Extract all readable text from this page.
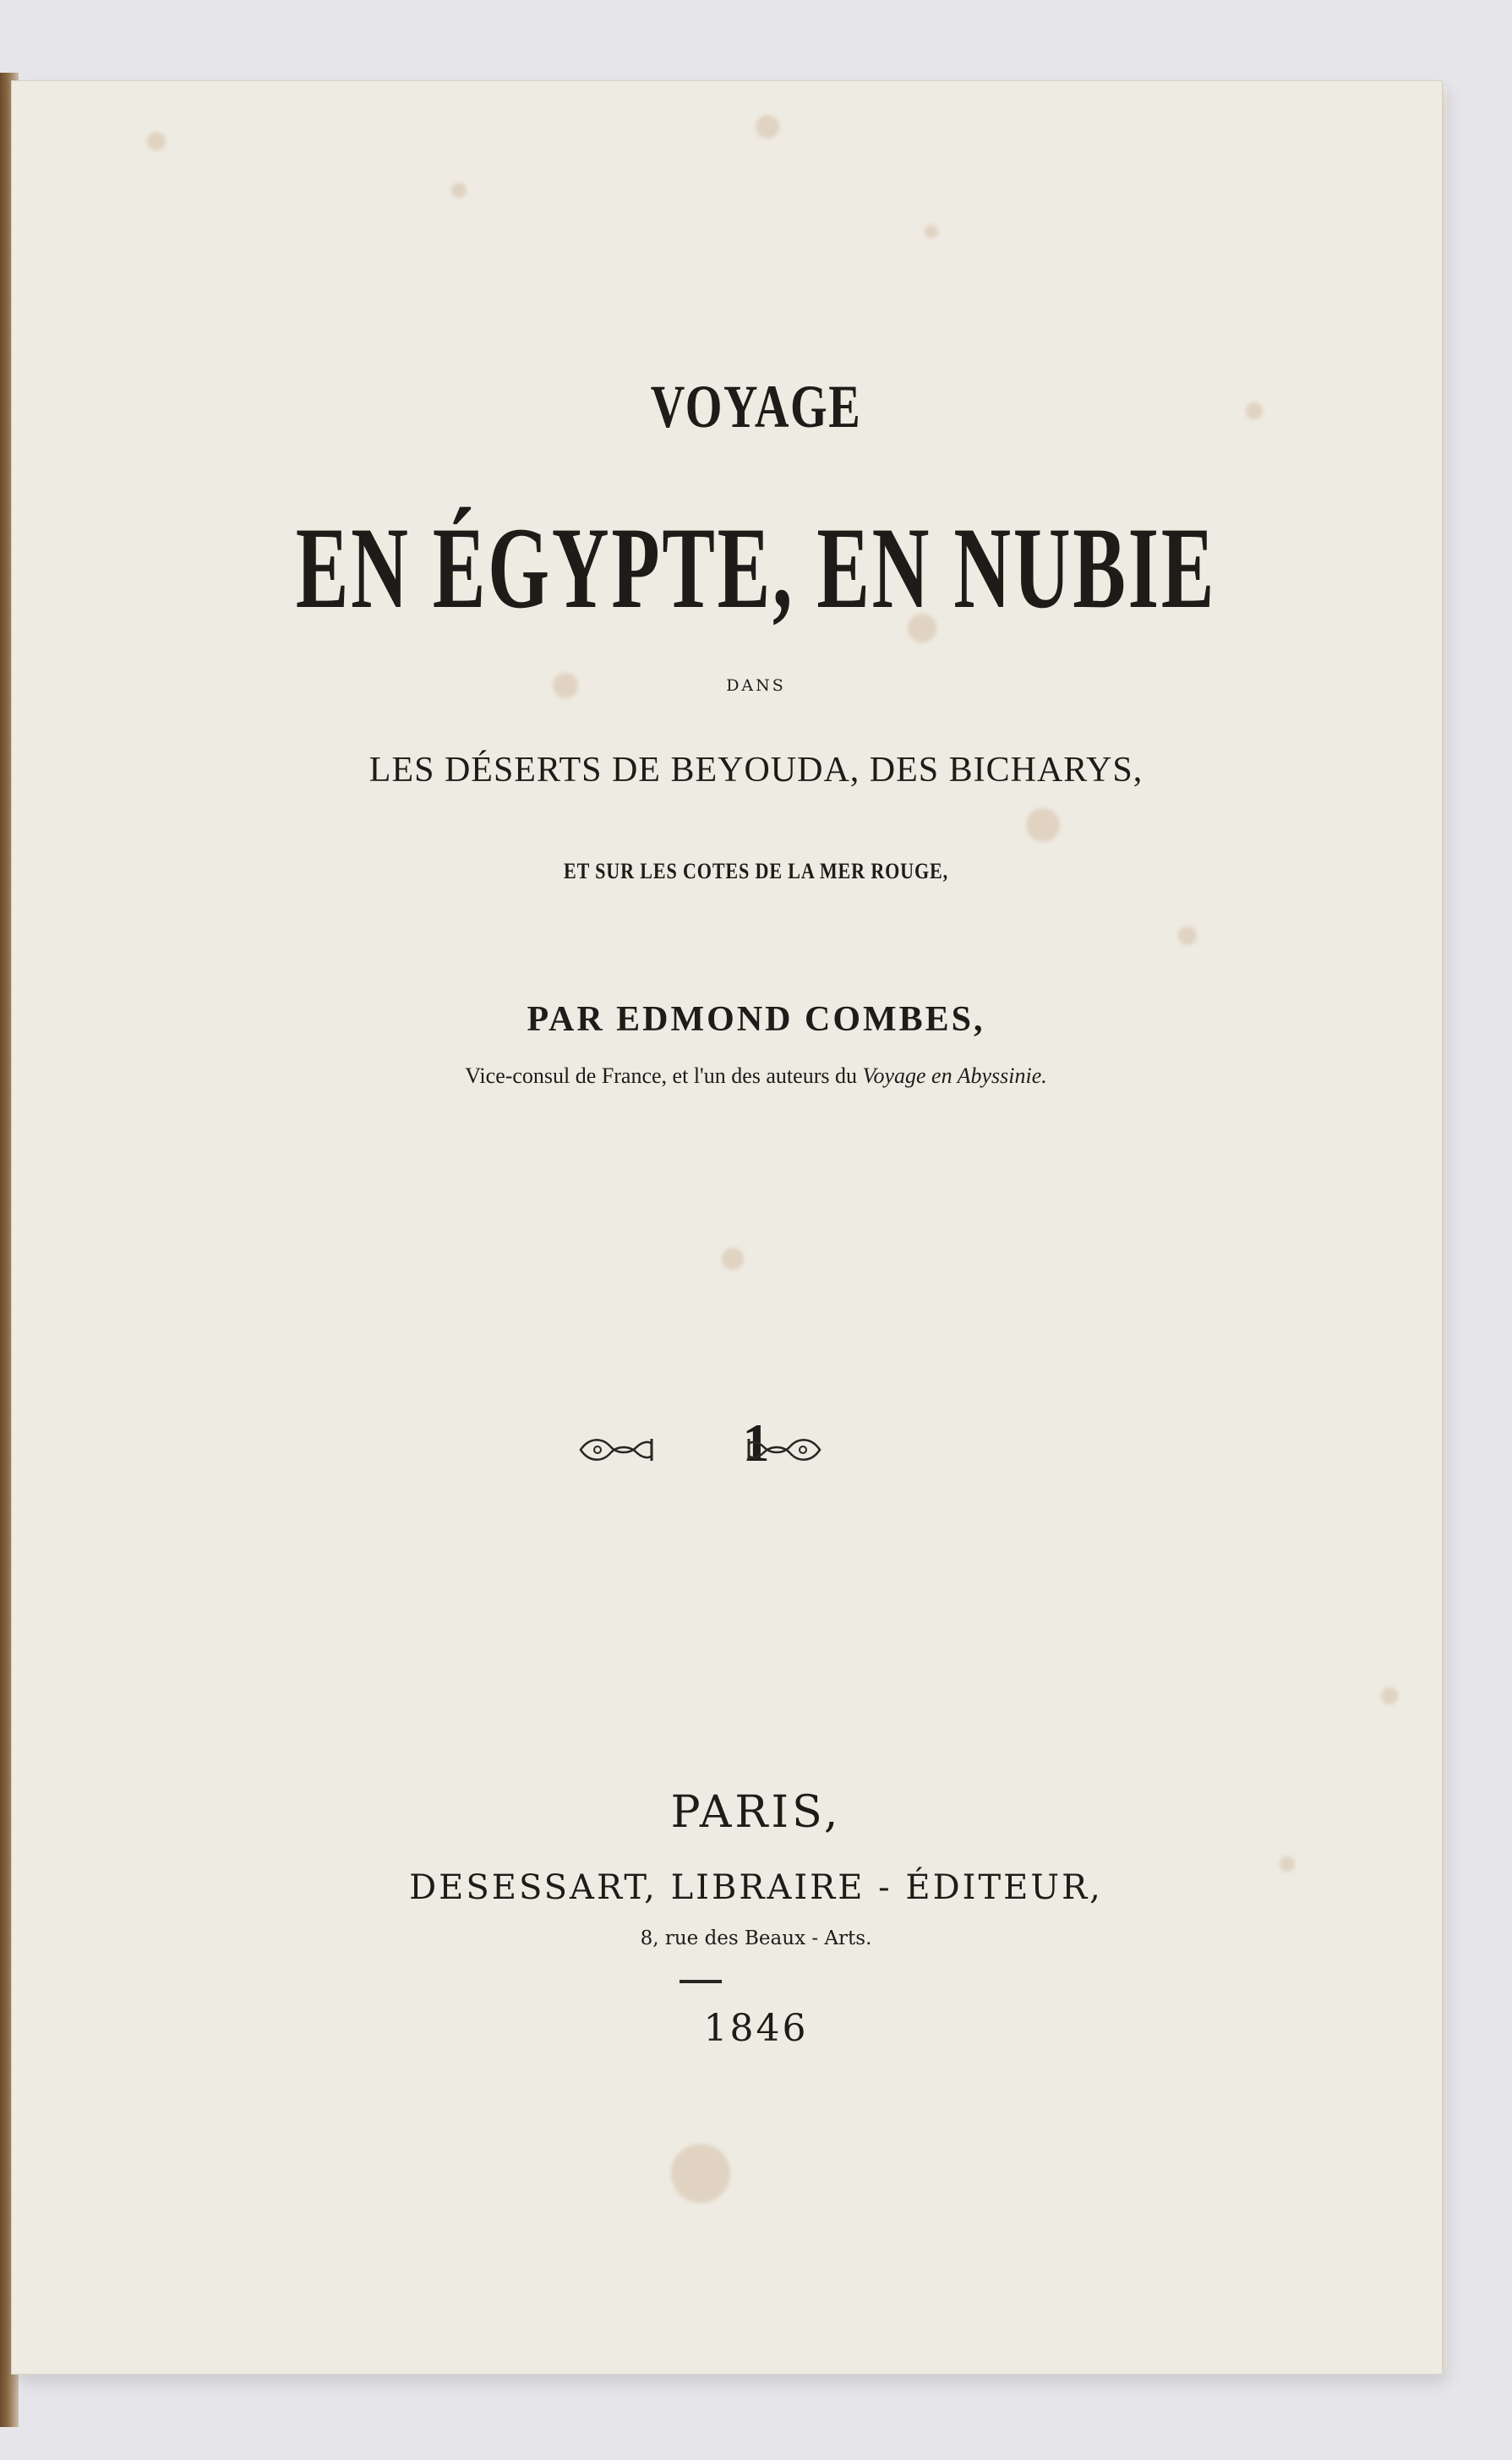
VOYAGE
EN ÉGYPTE, EN NUBIE
DANS
LES DÉSERTS DE BEYOUDA, DES BICHARYS,
ET SUR LES COTES DE LA MER ROUGE,
PAR EDMOND COMBES,
Vice-consul de France, et l'un des auteurs du Voyage en Abyssinie.
1
PARIS,
DESESSART, LIBRAIRE - ÉDITEUR,
8, rue des Beaux - Arts.
1846
